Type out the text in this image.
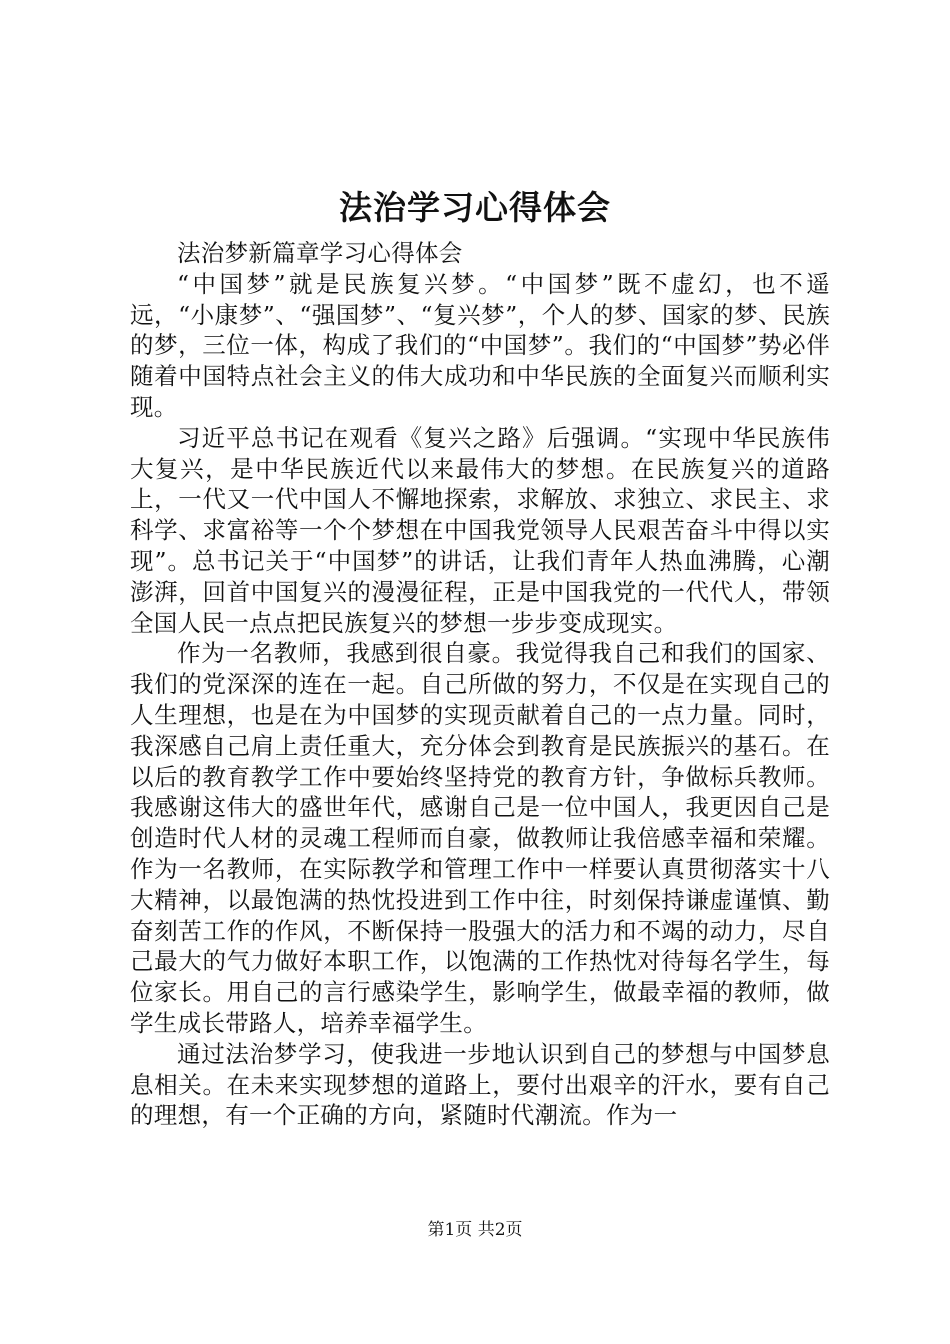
法治学习心得体会

法治梦新篇章学习心得体会

“中国梦”就是民族复兴梦。“中国梦”既不虚幻，也不遥远，“小康梦”、“强国梦”、“复兴梦”，个人的梦、国家的梦、民族的梦，三位一体，构成了我们的“中国梦”。我们的“中国梦”势必伴随着中国特点社会主义的伟大成功和中华民族的全面复兴而顺利实现。

习近平总书记在观看《复兴之路》后强调。“实现中华民族伟大复兴，是中华民族近代以来最伟大的梦想。在民族复兴的道路上，一代又一代中国人不懈地探索，求解放、求独立、求民主、求科学、求富裕等一个个梦想在中国我党领导人民艰苦奋斗中得以实现”。总书记关于“中国梦”的讲话，让我们青年人热血沸腾，心潮澎湃，回首中国复兴的漫漫征程，正是中国我党的一代代人，带领全国人民一点点把民族复兴的梦想一步步变成现实。

作为一名教师，我感到很自豪。我觉得我自己和我们的国家、我们的党深深的连在一起。自己所做的努力，不仅是在实现自己的人生理想，也是在为中国梦的实现贡献着自己的一点力量。同时，我深感自己肩上责任重大，充分体会到教育是民族振兴的基石。在以后的教育教学工作中要始终坚持党的教育方针，争做标兵教师。我感谢这伟大的盛世年代，感谢自己是一位中国人，我更因自己是创造时代人材的灵魂工程师而自豪，做教师让我倍感幸福和荣耀。作为一名教师，在实际教学和管理工作中一样要认真贯彻落实十八大精神，以最饱满的热忱投进到工作中往，时刻保持谦虚谨慎、勤奋刻苦工作的作风，不断保持一股强大的活力和不竭的动力，尽自己最大的气力做好本职工作，以饱满的工作热忱对待每名学生，每位家长。用自己的言行感染学生，影响学生，做最幸福的教师，做学生成长带路人，培养幸福学生。

通过法治梦学习，使我进一步地认识到自己的梦想与中国梦息息相关。在未来实现梦想的道路上，要付出艰辛的汗水，要有自己的理想，有一个正确的方向，紧随时代潮流。作为一

第1页 共2页
